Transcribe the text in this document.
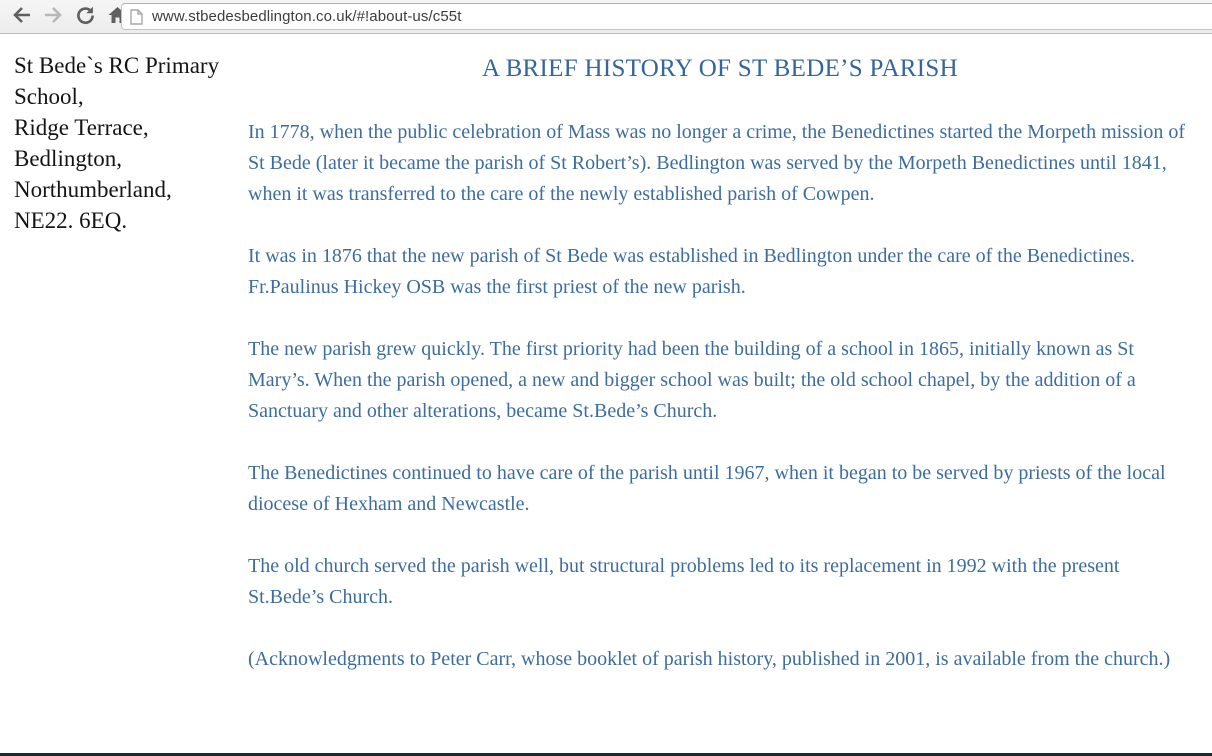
www.stbedesbedlington.co.uk/#!about-us/c55t
St Bede`s RC Primary School,
Ridge Terrace,
Bedlington,
Northumberland,
NE22. 6EQ.
A BRIEF HISTORY OF ST BEDE’S PARISH
In 1778, when the public celebration of Mass was no longer a crime, the Benedictines started the Morpeth mission of St Bede (later it became the parish of St Robert’s). Bedlington was served by the Morpeth Benedictines until 1841, when it was transferred to the care of the newly established parish of Cowpen.
It was in 1876 that the new parish of St Bede was established in Bedlington under the care of the Benedictines. Fr.Paulinus Hickey OSB was the first priest of the new parish.
The new parish grew quickly. The first priority had been the building of a school in 1865, initially known as St Mary’s. When the parish opened, a new and bigger school was built; the old school chapel, by the addition of a Sanctuary and other alterations, became St.Bede’s Church.
The Benedictines continued to have care of the parish until 1967, when it began to be served by priests of the local diocese of Hexham and Newcastle.
The old church served the parish well, but structural problems led to its replacement in 1992 with the present St.Bede’s Church.
(Acknowledgments to Peter Carr, whose booklet of parish history, published in 2001, is available from the church.)
